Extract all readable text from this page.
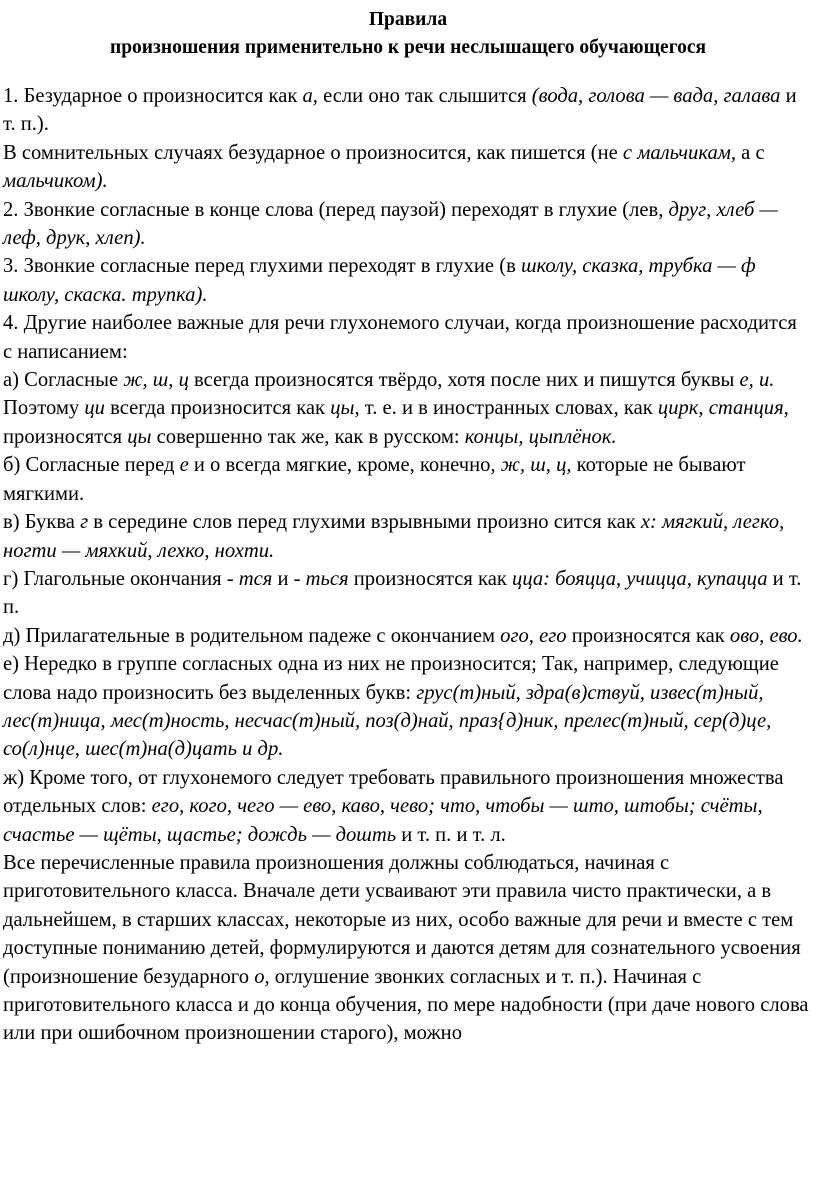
Правила
произношения применительно к речи неслышащего обучающегося

1. Безударное о произносится как а, если оно так слышится (вода, голова — вада, галава и т. п.).

В сомнительных случаях безударное о произносится, как пишется (не с мальчикам, а с мальчиком).

2. Звонкие согласные в конце слова (перед паузой) переходят в глухие (лев, друг, хлеб — леф, друк, хлеп).

3. Звонкие согласные перед глухими переходят в глухие (в школу, сказка, трубка — ф школу, скаска. трупка).

4. Другие наиболее важные для речи глухонемого случаи, когда произношение расходится с написанием:

а) Согласные ж, ш, ц всегда произносятся твёрдо, хотя после них и пишутся буквы е, и. Поэтому ци всегда произносится как цы, т. е. и в иностранных словах, как цирк, станция, произносятся цы совершенно так же, как в русском: концы, цыплёнок.

б) Согласные перед е и о всегда мягкие, кроме, конечно, ж, ш, ц, которые не бывают мягкими.

в) Буква г в середине слов перед глухими взрывными произно сится как х: мягкий, легко, ногти — мяхкий, лехко, нохти.

г) Глагольные окончания - тся и - ться произносятся как цца: бояцца, учицца, купацца и т. п.

д) Прилагательные в родительном падеже с окончанием ого, его произносятся как ово, ево.

е) Нередко в группе согласных одна из них не произносится; Так, например, следующие слова надо произносить без выделенных букв: грус(т)ный, здра(в)ствуй, извес(т)ный, лес(т)ница, мес(т)ность, несчас(т)ный, поз(д)най, праз{д)ник, прелес(т)ный, сер(д)це, со(л)нце, шес(т)на(д)цать и др.

ж) Кроме того, от глухонемого следует требовать правильного произношения множества отдельных слов: его, кого, чего — ево, каво, чево; что, чтобы — што, штобы; счёты, счастье — щёты, щастье; дождь — дошть и т. п. и т. л.

Все перечисленные правила произношения должны соблюдаться, начиная с приготовительного класса. Вначале дети усваивают эти правила чисто практически, а в дальнейшем, в старших классах, некоторые из них, особо важные для речи и вместе с тем доступные пониманию детей, формулируются и даются детям для сознательного усвоения (произношение безударного о, оглушение звонких согласных и т. п.). Начиная с приготовительного класса и до конца обучения, по мере надобности (при даче нового слова или при ошибочном произношении старого), можно
